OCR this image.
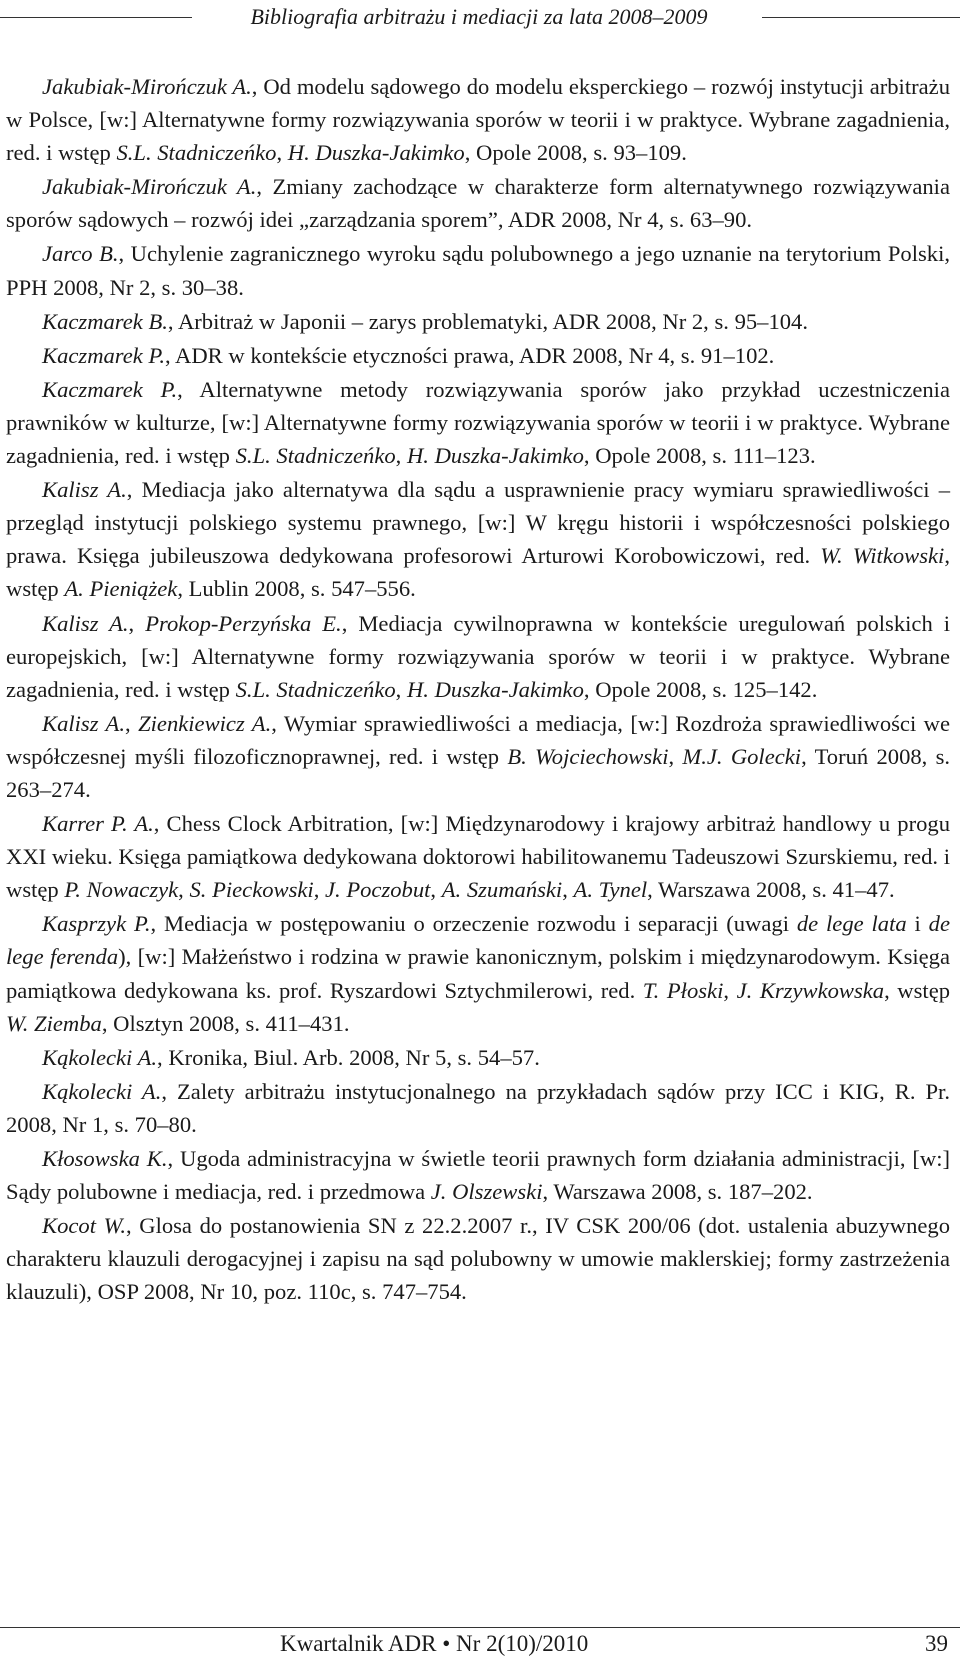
Bibliografia arbitrażu i mediacji za lata 2008–2009

Jakubiak-Mirończuk A., Od modelu sądowego do modelu eksperckiego – rozwój instytucji arbitrażu w Polsce, [w:] Alternatywne formy rozwiązywania sporów w teorii i w praktyce. Wybrane zagadnienia, red. i wstęp S.L. Stadniczeńko, H. Duszka-Jakimko, Opole 2008, s. 93–109.

Jakubiak-Mirończuk A., Zmiany zachodzące w charakterze form alternatywnego rozwiązywania sporów sądowych – rozwój idei „zarządzania sporem”, ADR 2008, Nr 4, s. 63–90.

Jarco B., Uchylenie zagranicznego wyroku sądu polubownego a jego uznanie na terytorium Polski, PPH 2008, Nr 2, s. 30–38.

Kaczmarek B., Arbitraż w Japonii – zarys problematyki, ADR 2008, Nr 2, s. 95–104.

Kaczmarek P., ADR w kontekście etyczności prawa, ADR 2008, Nr 4, s. 91–102.

Kaczmarek P., Alternatywne metody rozwiązywania sporów jako przykład uczestniczenia prawników w kulturze, [w:] Alternatywne formy rozwiązywania sporów w teorii i w praktyce. Wybrane zagadnienia, red. i wstęp S.L. Stadniczeńko, H. Duszka-Jakimko, Opole 2008, s. 111–123.

Kalisz A., Mediacja jako alternatywa dla sądu a usprawnienie pracy wymiaru sprawiedliwości – przegląd instytucji polskiego systemu prawnego, [w:] W kręgu historii i współczesności polskiego prawa. Księga jubileuszowa dedykowana profesorowi Arturowi Korobowiczowi, red. W. Witkowski, wstęp A. Pieniążek, Lublin 2008, s. 547–556.

Kalisz A., Prokop-Perzyńska E., Mediacja cywilnoprawna w kontekście uregulowań polskich i europejskich, [w:] Alternatywne formy rozwiązywania sporów w teorii i w praktyce. Wybrane zagadnienia, red. i wstęp S.L. Stadniczeńko, H. Duszka-Jakimko, Opole 2008, s. 125–142.

Kalisz A., Zienkiewicz A., Wymiar sprawiedliwości a mediacja, [w:] Rozdroża sprawiedliwości we współczesnej myśli filozoficznoprawnej, red. i wstęp B. Wojciechowski, M.J. Golecki, Toruń 2008, s. 263–274.

Karrer P. A., Chess Clock Arbitration, [w:] Międzynarodowy i krajowy arbitraż handlowy u progu XXI wieku. Księga pamiątkowa dedykowana doktorowi habilitowanemu Tadeuszowi Szurskiemu, red. i wstęp P. Nowaczyk, S. Pieckowski, J. Poczobut, A. Szumański, A. Tynel, Warszawa 2008, s. 41–47.

Kasprzyk P., Mediacja w postępowaniu o orzeczenie rozwodu i separacji (uwagi de lege lata i de lege ferenda), [w:] Małżeństwo i rodzina w prawie kanonicznym, polskim i międzynarodowym. Księga pamiątkowa dedykowana ks. prof. Ryszardowi Sztychmilerowi, red. T. Płoski, J. Krzywkowska, wstęp W. Ziemba, Olsztyn 2008, s. 411–431.

Kąkolecki A., Kronika, Biul. Arb. 2008, Nr 5, s. 54–57.

Kąkolecki A., Zalety arbitrażu instytucjonalnego na przykładach sądów przy ICC i KIG, R. Pr. 2008, Nr 1, s. 70–80.

Kłosowska K., Ugoda administracyjna w świetle teorii prawnych form działania administracji, [w:] Sądy polubowne i mediacja, red. i przedmowa J. Olszewski, Warszawa 2008, s. 187–202.

Kocot W., Glosa do postanowienia SN z 22.2.2007 r., IV CSK 200/06 (dot. ustalenia abuzywnego charakteru klauzuli derogacyjnej i zapisu na sąd polubowny w umowie maklerskiej; formy zastrzeżenia klauzuli), OSP 2008, Nr 10, poz. 110c, s. 747–754.

Kwartalnik ADR • Nr 2(10)/2010	39
